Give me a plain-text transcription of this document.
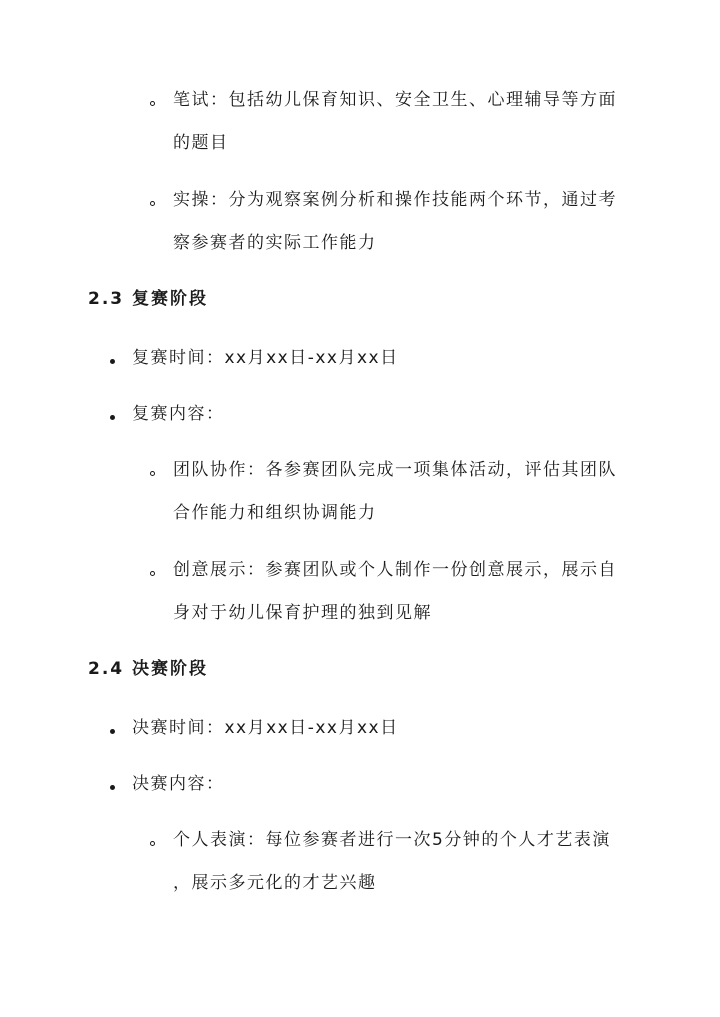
笔试：包括幼儿保育知识、安全卫生、心理辅导等方面
的题目
实操：分为观察案例分析和操作技能两个环节，通过考
察参赛者的实际工作能力
2.3 复赛阶段
复赛时间：xx月xx日-xx月xx日
复赛内容：
团队协作：各参赛团队完成一项集体活动，评估其团队
合作能力和组织协调能力
创意展示：参赛团队或个人制作一份创意展示，展示自
身对于幼儿保育护理的独到见解
2.4 决赛阶段
决赛时间：xx月xx日-xx月xx日
决赛内容：
个人表演：每位参赛者进行一次5分钟的个人才艺表演
，展示多元化的才艺兴趣
